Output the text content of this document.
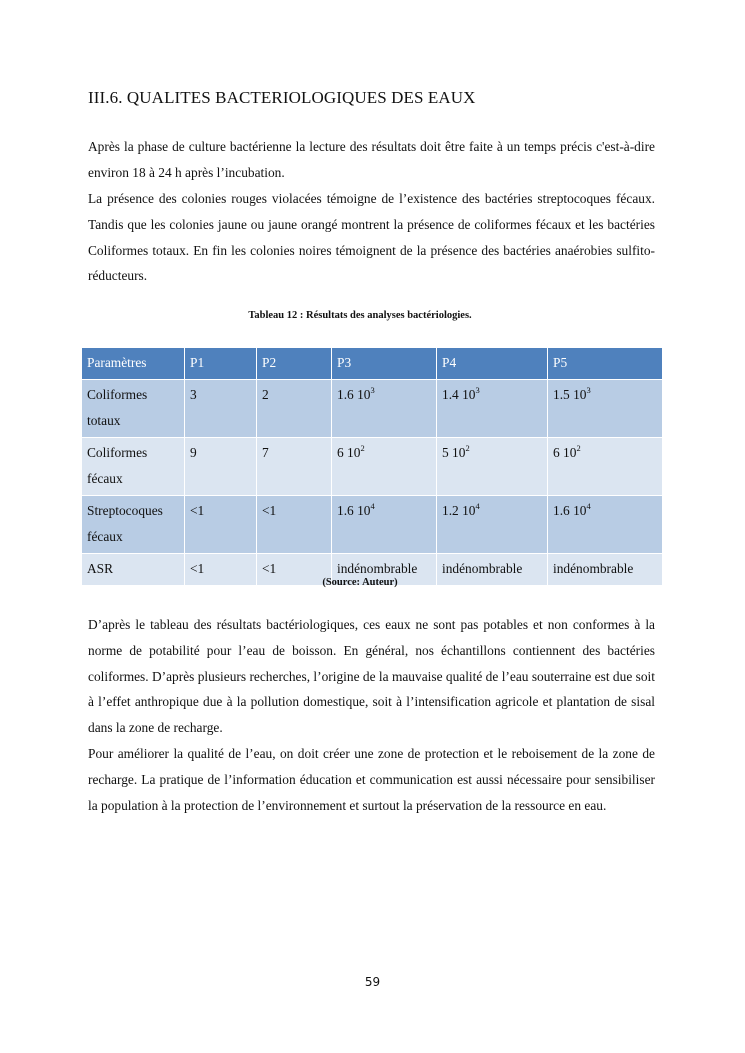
III.6. QUALITES BACTERIOLOGIQUES DES EAUX

Après la phase de culture bactérienne la lecture des résultats doit être faite à un temps précis c'est-à-dire environ 18 à 24 h après l’incubation.

La présence des colonies rouges violacées témoigne de l’existence des bactéries streptocoques fécaux. Tandis que les colonies jaune ou jaune orangé montrent la présence de coliformes fécaux et les bactéries Coliformes totaux. En fin les colonies noires témoignent de la présence des bactéries anaérobies sulfito-réducteurs.

Tableau 12 : Résultats des analyses bactériologies.

Paramètres	P1	P2	P3	P4	P5
Coliformes totaux	3	2	1.6 $10^3$	1.4 $10^3$	1.5 $10^3$
Coliformes fécaux	9	7	6 $10^2$	5 $10^2$	6 $10^2$
Streptocoques fécaux	<1	<1	1.6 $10^4$	1.2 $10^4$	1.6 $10^4$
ASR	<1	<1	indénombrable	indénombrable	indénombrable

(Source: Auteur)

D’après le tableau des résultats bactériologiques, ces eaux ne sont pas potables et non conformes à la norme de potabilité pour l’eau de boisson. En général, nos échantillons contiennent des bactéries coliformes. D’après plusieurs recherches, l’origine de la mauvaise qualité de l’eau souterraine est due soit à l’effet anthropique due à la pollution domestique, soit à l’intensification agricole et plantation de sisal dans la zone de recharge.

Pour améliorer la qualité de l’eau, on doit créer une zone de protection et le reboisement de la zone de recharge. La pratique de l’information éducation et communication est aussi nécessaire pour sensibiliser la population à la protection de l’environnement et surtout la préservation de la ressource en eau.

59
